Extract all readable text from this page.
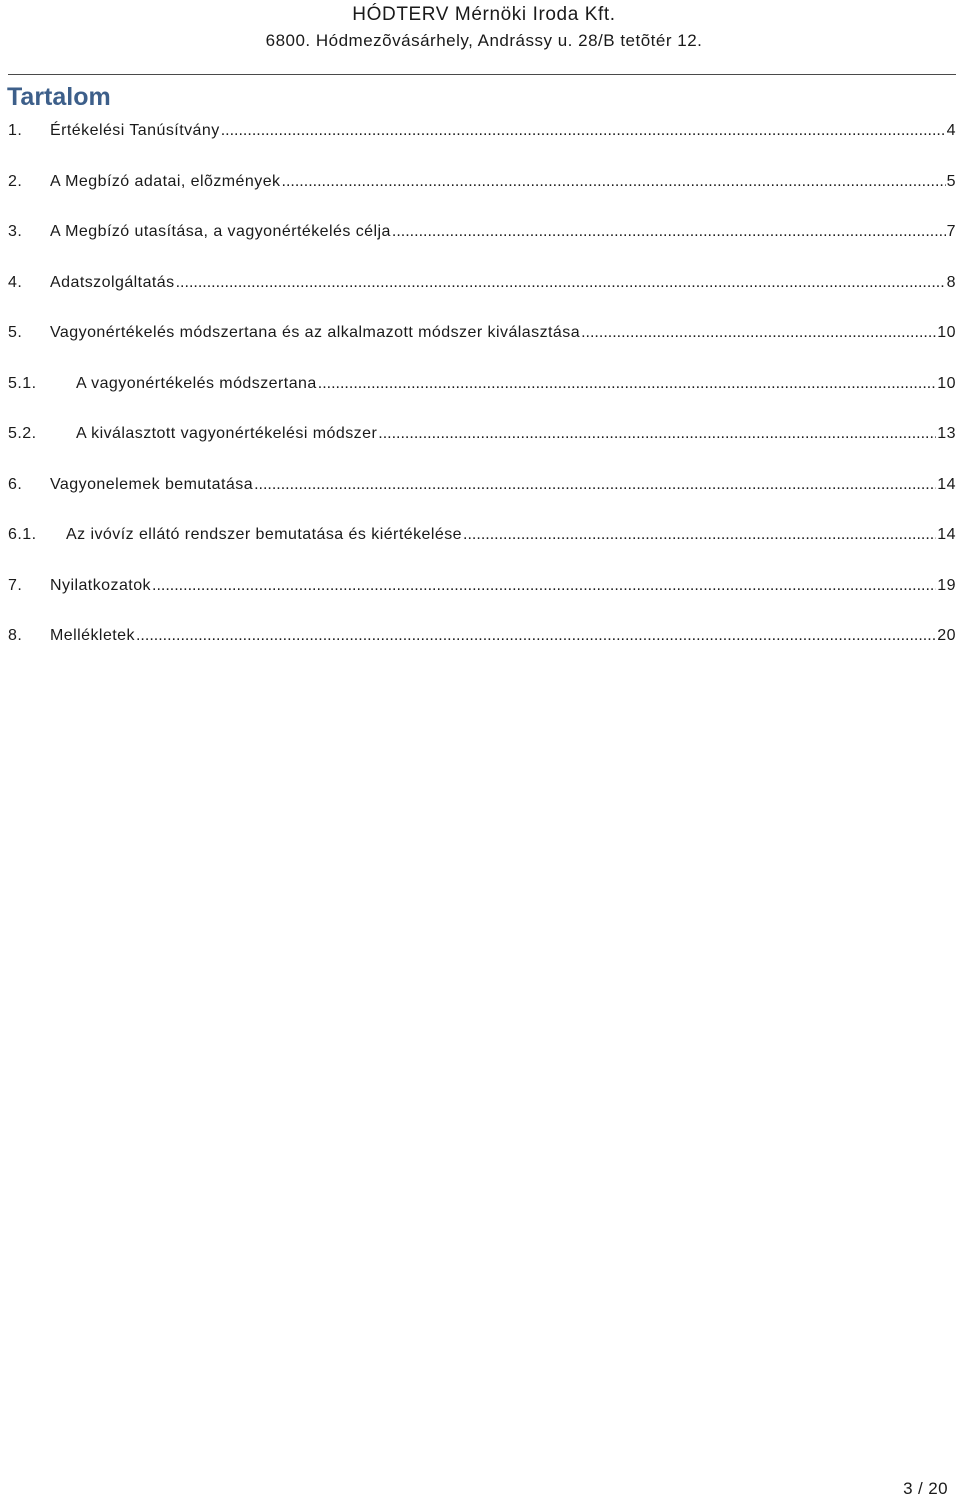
HÓDTERV Mérnöki Iroda Kft.
6800. Hódmezõvásárhely, Andrássy u. 28/B tetõtér 12.
Tartalom
1.	Értékelési Tanúsítvány .....	4
2.	A Megbízó adatai, elõzmények .....	5
3.	A Megbízó utasítása, a vagyonértékelés célja .....	7
4.	Adatszolgáltatás .....	8
5.	Vagyonértékelés módszertana és az alkalmazott módszer kiválasztása .....	10
5.1.	A vagyonértékelés módszertana .....	10
5.2.	A kiválasztott vagyonértékelési módszer .....	13
6.	Vagyonelemek bemutatása .....	14
6.1.	Az ivóvíz ellátó rendszer bemutatása és kiértékelése .....	14
7.	Nyilatkozatok .....	19
8.	Mellékletek .....	20
3 / 20
